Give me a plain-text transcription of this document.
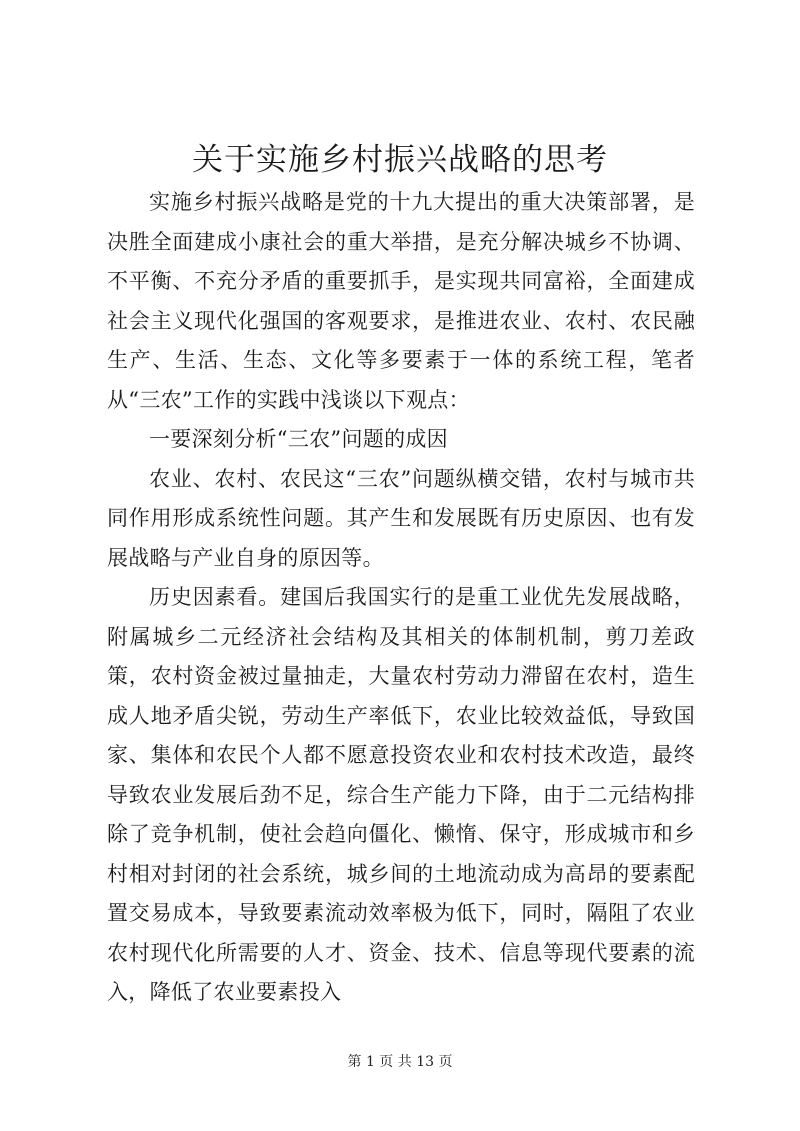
关于实施乡村振兴战略的思考

实施乡村振兴战略是党的十九大提出的重大决策部署，是决胜全面建成小康社会的重大举措，是充分解决城乡不协调、不平衡、不充分矛盾的重要抓手，是实现共同富裕，全面建成社会主义现代化强国的客观要求，是推进农业、农村、农民融生产、生活、生态、文化等多要素于一体的系统工程，笔者从“三农”工作的实践中浅谈以下观点：

一要深刻分析“三农”问题的成因

农业、农村、农民这“三农”问题纵横交错，农村与城市共同作用形成系统性问题。其产生和发展既有历史原因、也有发展战略与产业自身的原因等。

历史因素看。建国后我国实行的是重工业优先发展战略，附属城乡二元经济社会结构及其相关的体制机制，剪刀差政策，农村资金被过量抽走，大量农村劳动力滞留在农村，造生成人地矛盾尖锐，劳动生产率低下，农业比较效益低，导致国家、集体和农民个人都不愿意投资农业和农村技术改造，最终导致农业发展后劲不足，综合生产能力下降，由于二元结构排除了竞争机制，使社会趋向僵化、懒惰、保守，形成城市和乡村相对封闭的社会系统，城乡间的土地流动成为高昂的要素配置交易成本，导致要素流动效率极为低下，同时，隔阻了农业农村现代化所需要的人才、资金、技术、信息等现代要素的流入，降低了农业要素投入

第 1 页 共 13 页
